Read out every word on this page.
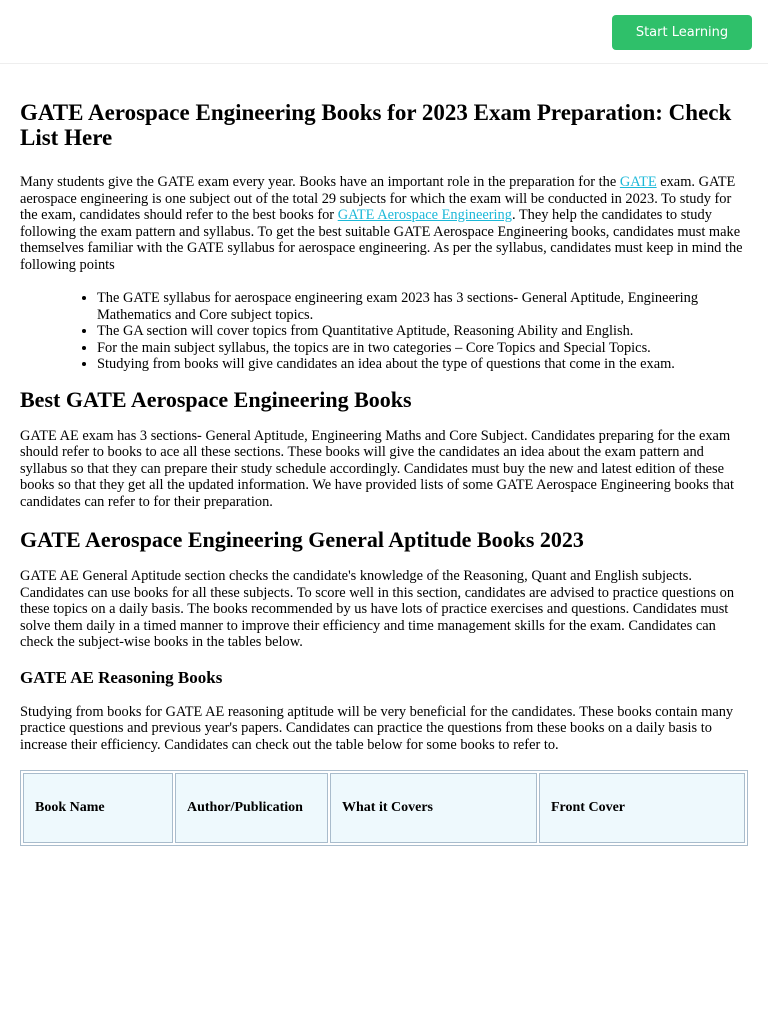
Start Learning
GATE Aerospace Engineering Books for 2023 Exam Preparation: Check List Here

Many students give the GATE exam every year. Books have an important role in the preparation for the GATE exam. GATE aerospace engineering is one subject out of the total 29 subjects for which the exam will be conducted in 2023. To study for the exam, candidates should refer to the best books for GATE Aerospace Engineering. They help the candidates to study following the exam pattern and syllabus. To get the best suitable GATE Aerospace Engineering books, candidates must make themselves familiar with the GATE syllabus for aerospace engineering. As per the syllabus, candidates must keep in mind the following points

• The GATE syllabus for aerospace engineering exam 2023 has 3 sections- General Aptitude, Engineering Mathematics and Core subject topics.
• The GA section will cover topics from Quantitative Aptitude, Reasoning Ability and English.
• For the main subject syllabus, the topics are in two categories – Core Topics and Special Topics.
• Studying from books will give candidates an idea about the type of questions that come in the exam.
Best GATE Aerospace Engineering Books

GATE AE exam has 3 sections- General Aptitude, Engineering Maths and Core Subject. Candidates preparing for the exam should refer to books to ace all these sections. These books will give the candidates an idea about the exam pattern and syllabus so that they can prepare their study schedule accordingly. Candidates must buy the new and latest edition of these books so that they get all the updated information. We have provided lists of some GATE Aerospace Engineering books that candidates can refer to for their preparation.

GATE Aerospace Engineering General Aptitude Books 2023

GATE AE General Aptitude section checks the candidate's knowledge of the Reasoning, Quant and English subjects. Candidates can use books for all these subjects. To score well in this section, candidates are advised to practice questions on these topics on a daily basis. The books recommended by us have lots of practice exercises and questions. Candidates must solve them daily in a timed manner to improve their efficiency and time management skills for the exam. Candidates can check the subject-wise books in the tables below.

GATE AE Reasoning Books

Studying from books for GATE AE reasoning aptitude will be very beneficial for the candidates. These books contain many practice questions and previous year's papers. Candidates can practice the questions from these books on a daily basis to increase their efficiency. Candidates can check out the table below for some books to refer to.

Book Name	Author/Publication	What it Covers	Front Cover
